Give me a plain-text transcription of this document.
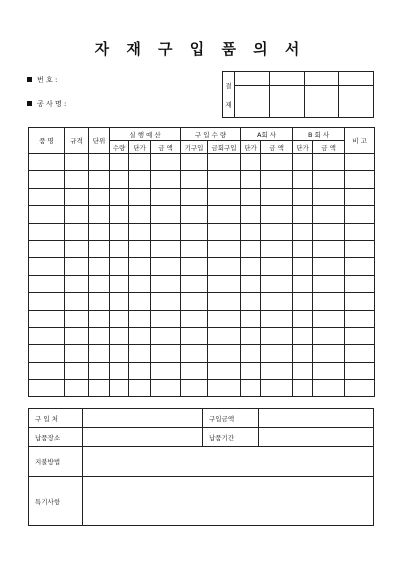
자 재 구 입 품 의 서
번 호 :
공 사 명 :
결
재				

품 명	규격	단위	실 행 예 산			구 입 수 량		A회 사		B 회 사		비 고
			수량	단가	금 액	기구입	금회구입	단가	금 액	단가	금 액	

구 입 처		구입금액	
납품장소		납품기간	
지불방법			
특기사항			
